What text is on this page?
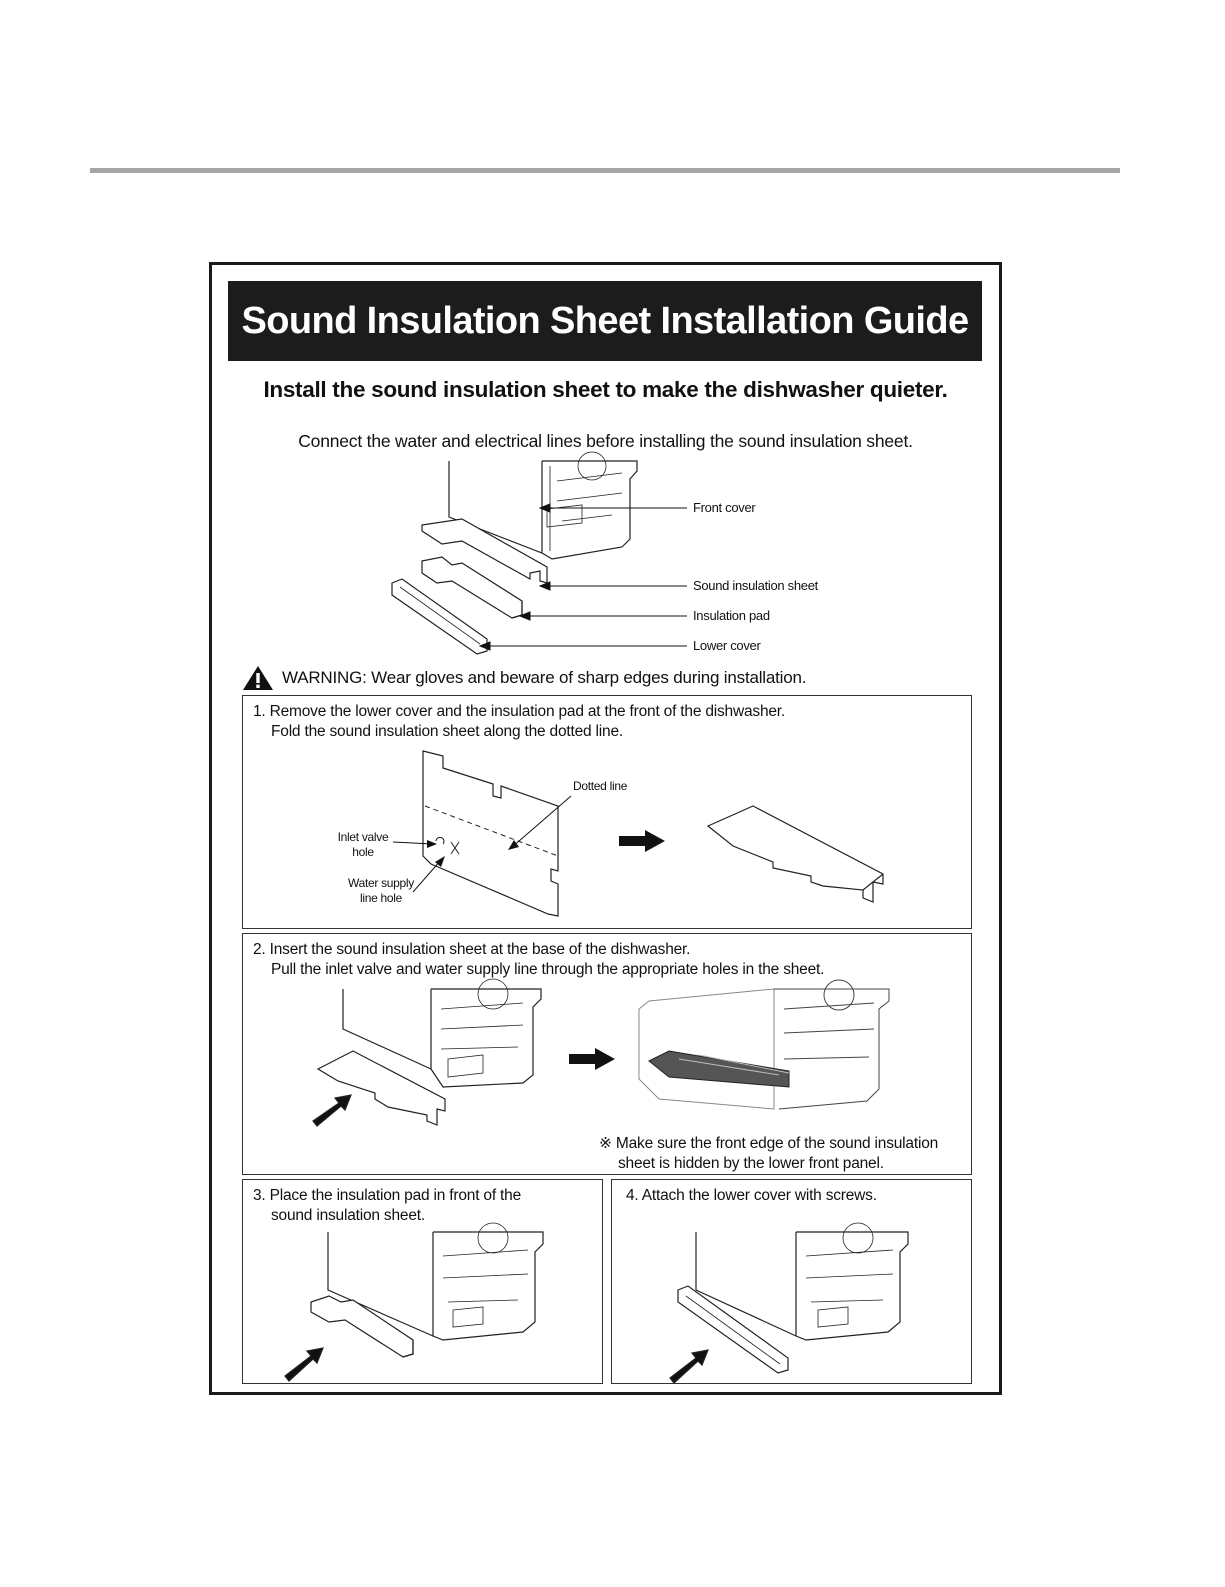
Sound Insulation Sheet Installation Guide
Install the sound insulation sheet to make the dishwasher quieter.
Connect the water and electrical lines before installing the sound insulation sheet.
Front cover
Sound insulation sheet
Insulation pad
Lower cover
WARNING: Wear gloves and beware of sharp edges during installation.
1. Remove the lower cover and the insulation pad at the front of the dishwasher.
Fold the sound insulation sheet along the dotted line.
Dotted line
Inlet valve
hole
Water supply
line hole
2. Insert the sound insulation sheet at the base of the dishwasher.
Pull the inlet valve and water supply line through the appropriate holes in the sheet.
※ Make sure the front edge of the sound insulation
sheet is hidden by the lower front panel.
3. Place the insulation pad in front of the
sound insulation sheet.
4. Attach the lower cover with screws.
